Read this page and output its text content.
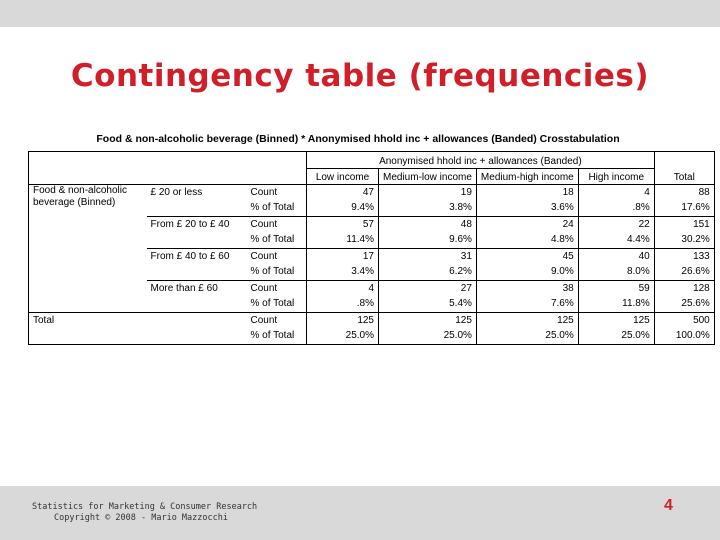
Contingency table (frequencies)
Food & non-alcoholic beverage (Binned) * Anonymised hhold inc + allowances (Banded) Crosstabulation
			Anonymised hhold inc + allowances (Banded)				
			Low income	Medium-low income	Medium-high income	High income	Total
Food & non-alcoholic beverage (Binned)	£ 20 or less	Count	47	19	18	4	88
		% of Total	9.4%	3.8%	3.6%	.8%	17.6%
	From £ 20 to £ 40	Count	57	48	24	22	151
		% of Total	11.4%	9.6%	4.8%	4.4%	30.2%
	From £ 40 to £ 60	Count	17	31	45	40	133
		% of Total	3.4%	6.2%	9.0%	8.0%	26.6%
	More than £ 60	Count	4	27	38	59	128
		% of Total	.8%	5.4%	7.6%	11.8%	25.6%
Total		Count	125	125	125	125	500
		% of Total	25.0%	25.0%	25.0%	25.0%	100.0%
Statistics for Marketing & Consumer Research
Copyright © 2008 - Mario Mazzocchi
4
